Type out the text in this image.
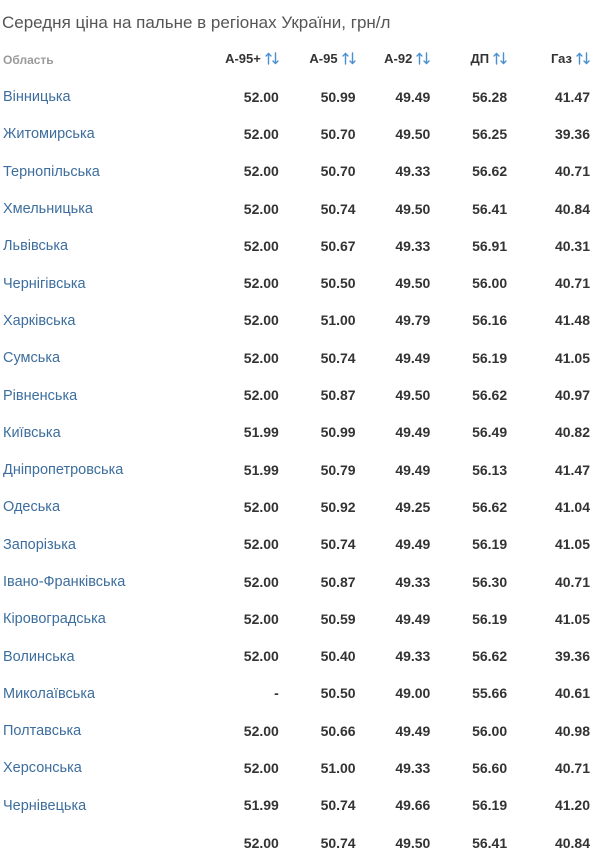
Середня ціна на пальне в регіонах України, грн/л
Область	А-95+	А-95	А-92	ДП	Газ
Вінницька	52.00	50.99	49.49	56.28	41.47
Житомирська	52.00	50.70	49.50	56.25	39.36
Тернопільська	52.00	50.70	49.33	56.62	40.71
Хмельницька	52.00	50.74	49.50	56.41	40.84
Львівська	52.00	50.67	49.33	56.91	40.31
Чернігівська	52.00	50.50	49.50	56.00	40.71
Харківська	52.00	51.00	49.79	56.16	41.48
Сумська	52.00	50.74	49.49	56.19	41.05
Рівненська	52.00	50.87	49.50	56.62	40.97
Київська	51.99	50.99	49.49	56.49	40.82
Дніпропетровська	51.99	50.79	49.49	56.13	41.47
Одеська	52.00	50.92	49.25	56.62	41.04
Запорізька	52.00	50.74	49.49	56.19	41.05
Івано-Франківська	52.00	50.87	49.33	56.30	40.71
Кіровоградська	52.00	50.59	49.49	56.19	41.05
Волинська	52.00	50.40	49.33	56.62	39.36
Миколаївська	-	50.50	49.00	55.66	40.61
Полтавська	52.00	50.66	49.49	56.00	40.98
Херсонська	52.00	51.00	49.33	56.60	40.71
Чернівецька	51.99	50.74	49.66	56.19	41.20
	52.00	50.74	49.50	56.41	40.84
